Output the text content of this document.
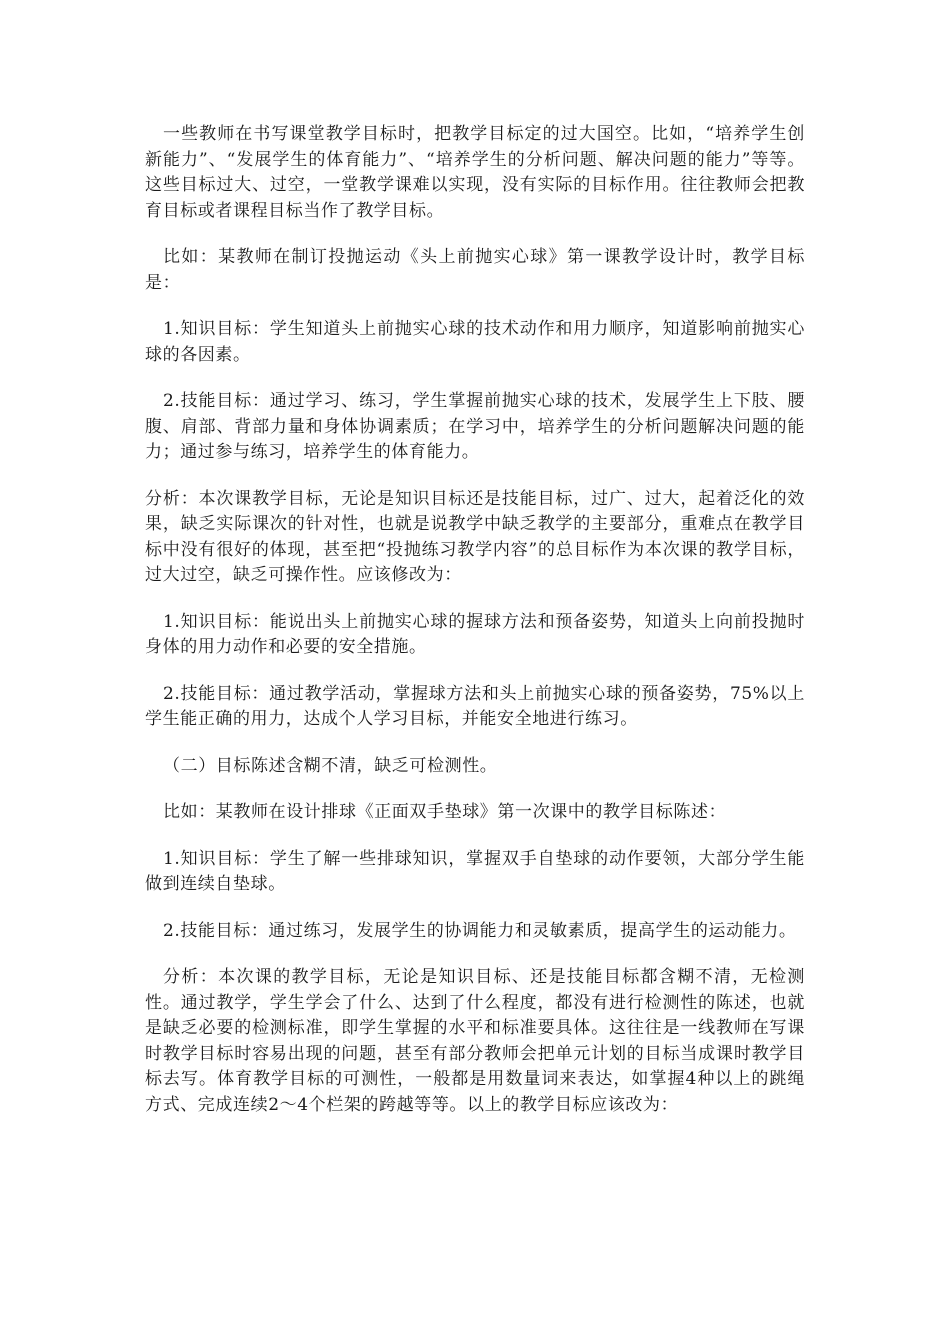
一些教师在书写课堂教学目标时，把教学目标定的过大国空。比如，“培养学生创新能力”、“发展学生的体育能力”、“培养学生的分析问题、解决问题的能力”等等。这些目标过大、过空，一堂教学课难以实现，没有实际的目标作用。往往教师会把教育目标或者课程目标当作了教学目标。

比如：某教师在制订投抛运动《头上前抛实心球》第一课教学设计时，教学目标是：

1.知识目标：学生知道头上前抛实心球的技术动作和用力顺序，知道影响前抛实心球的各因素。

2.技能目标：通过学习、练习，学生掌握前抛实心球的技术，发展学生上下肢、腰腹、肩部、背部力量和身体协调素质；在学习中，培养学生的分析问题解决问题的能力；通过参与练习，培养学生的体育能力。

分析：本次课教学目标，无论是知识目标还是技能目标，过广、过大，起着泛化的效果，缺乏实际课次的针对性，也就是说教学中缺乏教学的主要部分，重难点在教学目标中没有很好的体现，甚至把“投抛练习教学内容”的总目标作为本次课的教学目标，过大过空，缺乏可操作性。应该修改为：

1.知识目标：能说出头上前抛实心球的握球方法和预备姿势，知道头上向前投抛时身体的用力动作和必要的安全措施。

2.技能目标：通过教学活动，掌握球方法和头上前抛实心球的预备姿势，75%以上学生能正确的用力，达成个人学习目标，并能安全地进行练习。

（二）目标陈述含糊不清，缺乏可检测性。

比如：某教师在设计排球《正面双手垫球》第一次课中的教学目标陈述：

1.知识目标：学生了解一些排球知识，掌握双手自垫球的动作要领，大部分学生能做到连续自垫球。

2.技能目标：通过练习，发展学生的协调能力和灵敏素质，提高学生的运动能力。

分析：本次课的教学目标，无论是知识目标、还是技能目标都含糊不清，无检测性。通过教学，学生学会了什么、达到了什么程度，都没有进行检测性的陈述，也就是缺乏必要的检测标准，即学生掌握的水平和标准要具体。这往往是一线教师在写课时教学目标时容易出现的问题，甚至有部分教师会把单元计划的目标当成课时教学目标去写。体育教学目标的可测性，一般都是用数量词来表达，如掌握4种以上的跳绳方式、完成连续2～4个栏架的跨越等等。以上的教学目标应该改为：
